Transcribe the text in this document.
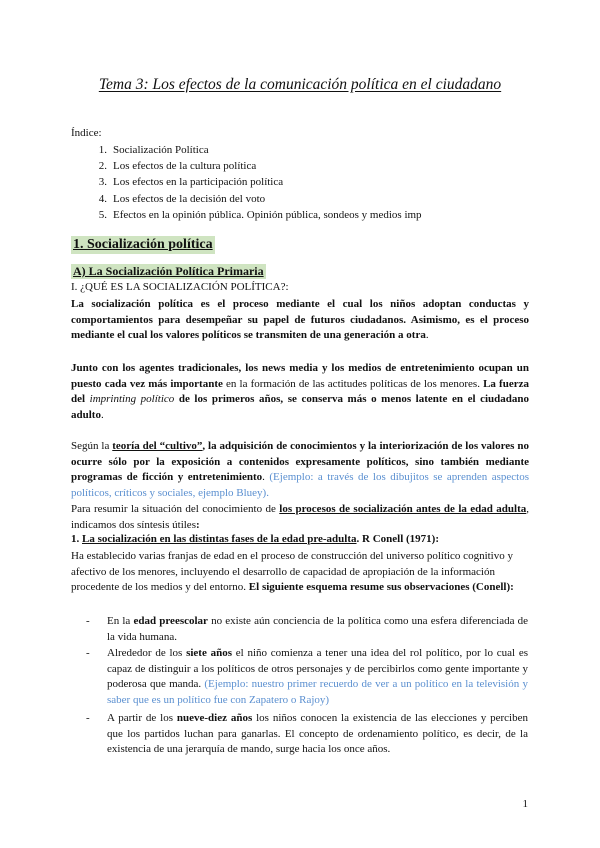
Tema 3: Los efectos de la comunicación política en el ciudadano
Índice:
1. Socialización Política
2. Los efectos de la cultura política
3. Los efectos en la participación política
4. Los efectos de la decisión del voto
5. Efectos en la opinión pública. Opinión pública, sondeos y medios imp
1. Socialización política
A) La Socialización Política Primaria
I. ¿QUÉ ES LA SOCIALIZACIÓN POLÍTICA?:
La socialización política es el proceso mediante el cual los niños adoptan conductas y comportamientos para desempeñar su papel de futuros ciudadanos. Asimismo, es el proceso mediante el cual los valores políticos se transmiten de una generación a otra.
Junto con los agentes tradicionales, los news media y los medios de entretenimiento ocupan un puesto cada vez más importante en la formación de las actitudes políticas de los menores. La fuerza del imprinting político de los primeros años, se conserva más o menos latente en el ciudadano adulto.
Según la teoría del “cultivo”, la adquisición de conocimientos y la interiorización de los valores no ocurre sólo por la exposición a contenidos expresamente políticos, sino también mediante programas de ficción y entretenimiento. (Ejemplo: a través de los dibujitos se aprenden aspectos políticos, críticos y sociales, ejemplo Bluey).
Para resumir la situación del conocimiento de los procesos de socialización antes de la edad adulta, indicamos dos síntesis útiles:
1. La socialización en las distintas fases de la edad pre-adulta. R Conell (1971):
Ha establecido varias franjas de edad en el proceso de construcción del universo político cognitivo y afectivo de los menores, incluyendo el desarrollo de capacidad de apropiación de la información procedente de los medios y del entorno. El siguiente esquema resume sus observaciones (Conell):
- En la edad preescolar no existe aún conciencia de la política como una esfera diferenciada de la vida humana.
- Alrededor de los siete años el niño comienza a tener una idea del rol político, por lo cual es capaz de distinguir a los políticos de otros personajes y de percibirlos como gente importante y poderosa que manda. (Ejemplo: nuestro primer recuerdo de ver a un político en la televisión y saber que es un político fue con Zapatero o Rajoy)
- A partir de los nueve-diez años los niños conocen la existencia de las elecciones y perciben que los partidos luchan para ganarlas. El concepto de ordenamiento político, es decir, de la existencia de una jerarquía de mando, surge hacia los once años.
1
